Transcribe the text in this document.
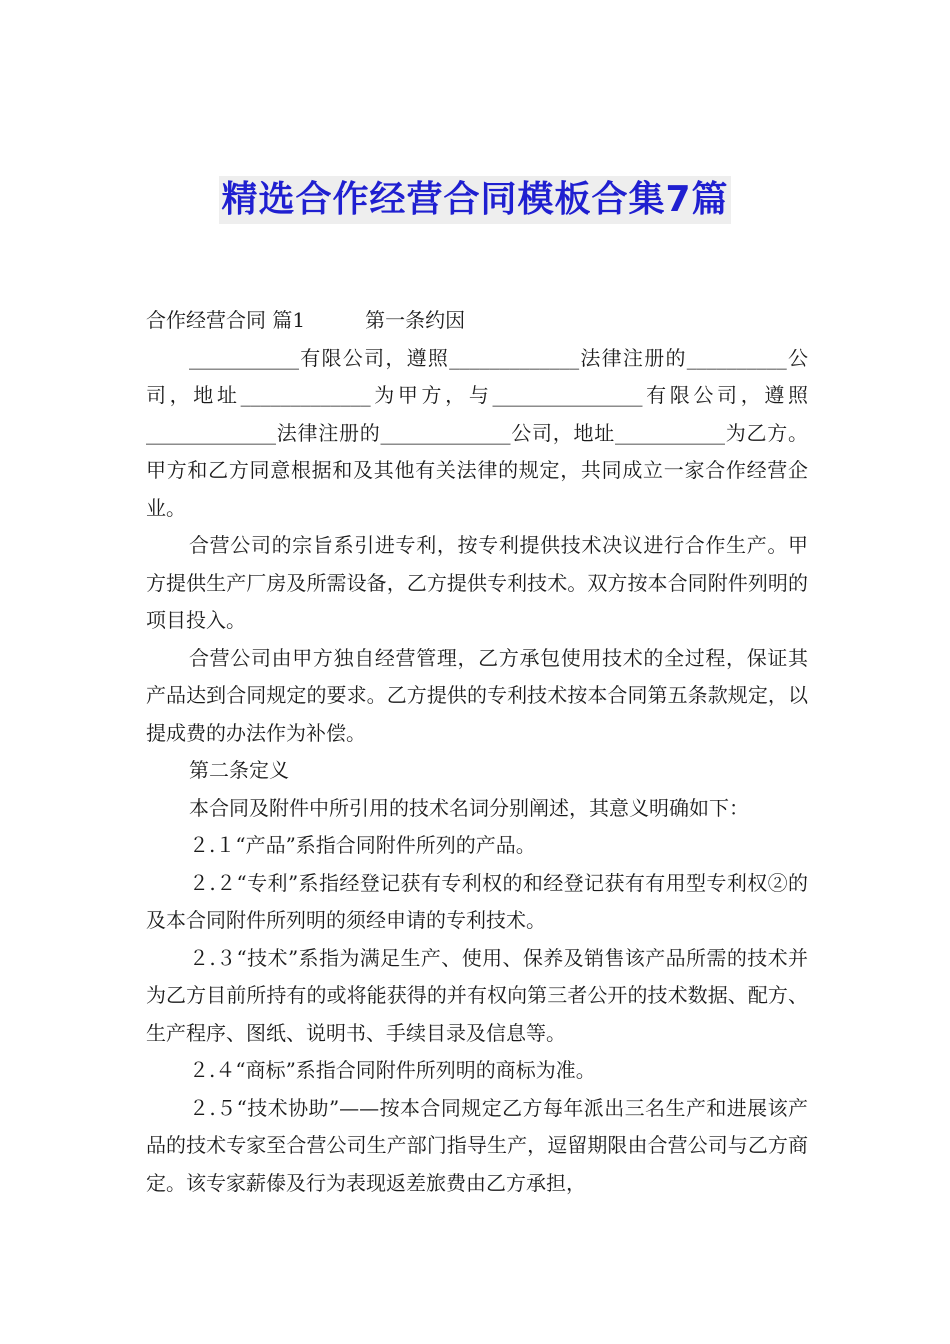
精选合作经营合同模板合集7篇

合作经营合同 篇1　　　第一条约因

___________有限公司，遵照_____________法律注册的__________公司，地址_____________为甲方，与_______________有限公司，遵照_____________法律注册的_____________公司，地址___________为乙方。甲方和乙方同意根据和及其他有关法律的规定，共同成立一家合作经营企业。

合营公司的宗旨系引进专利，按专利提供技术决议进行合作生产。甲方提供生产厂房及所需设备，乙方提供专利技术。双方按本合同附件列明的项目投入。

合营公司由甲方独自经营管理，乙方承包使用技术的全过程，保证其产品达到合同规定的要求。乙方提供的专利技术按本合同第五条款规定，以提成费的办法作为补偿。

第二条定义

本合同及附件中所引用的技术名词分别阐述，其意义明确如下：

２.１“产品”系指合同附件所列的产品。

２.２“专利”系指经登记获有专利权的和经登记获有有用型专利权②的及本合同附件所列明的须经申请的专利技术。

２.３“技术”系指为满足生产、使用、保养及销售该产品所需的技术并为乙方目前所持有的或将能获得的并有权向第三者公开的技术数据、配方、生产程序、图纸、说明书、手续目录及信息等。

２.４“商标”系指合同附件所列明的商标为准。

２.５“技术协助”——按本合同规定乙方每年派出三名生产和进展该产品的技术专家至合营公司生产部门指导生产，逗留期限由合营公司与乙方商定。该专家薪傣及行为表现返差旅费由乙方承担，
